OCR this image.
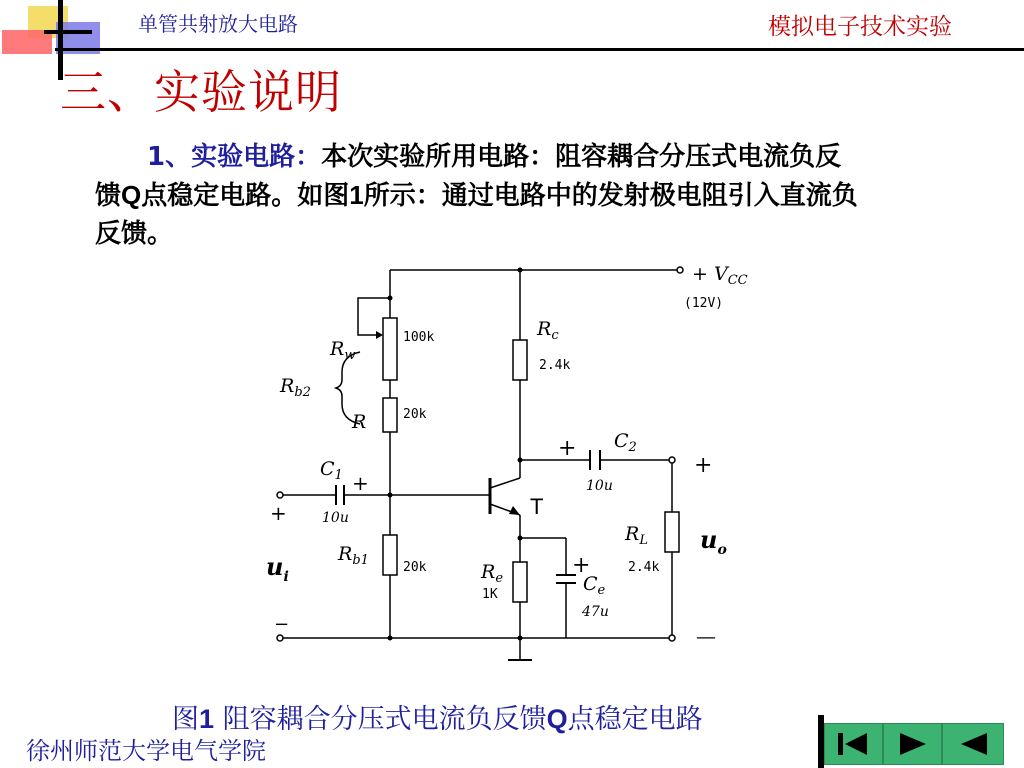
单管共射放大电路	模拟电子技术实验
三、实验说明
1、实验电路：本次实验所用电路：阻容耦合分压式电流负反馈Q点稳定电路。如图1所示：通过电路中的发射极电阻引入直流负反馈。
+ $V_{CC}$
$R_w$
$R_{b2}$
R
$R_c$
$C_1$
$C_2$
$R_{b1}$
$R_e$	$C_e$
$R_L$
(12V)
100k
20k
2.4k
20k
1K
2.4k
10u
10u
47u
T
$u_i$
$u_o$
+
−
+
+
+
+
—
图1 阻容耦合分压式电流负反馈Q点稳定电路
徐州师范大学电气学院
